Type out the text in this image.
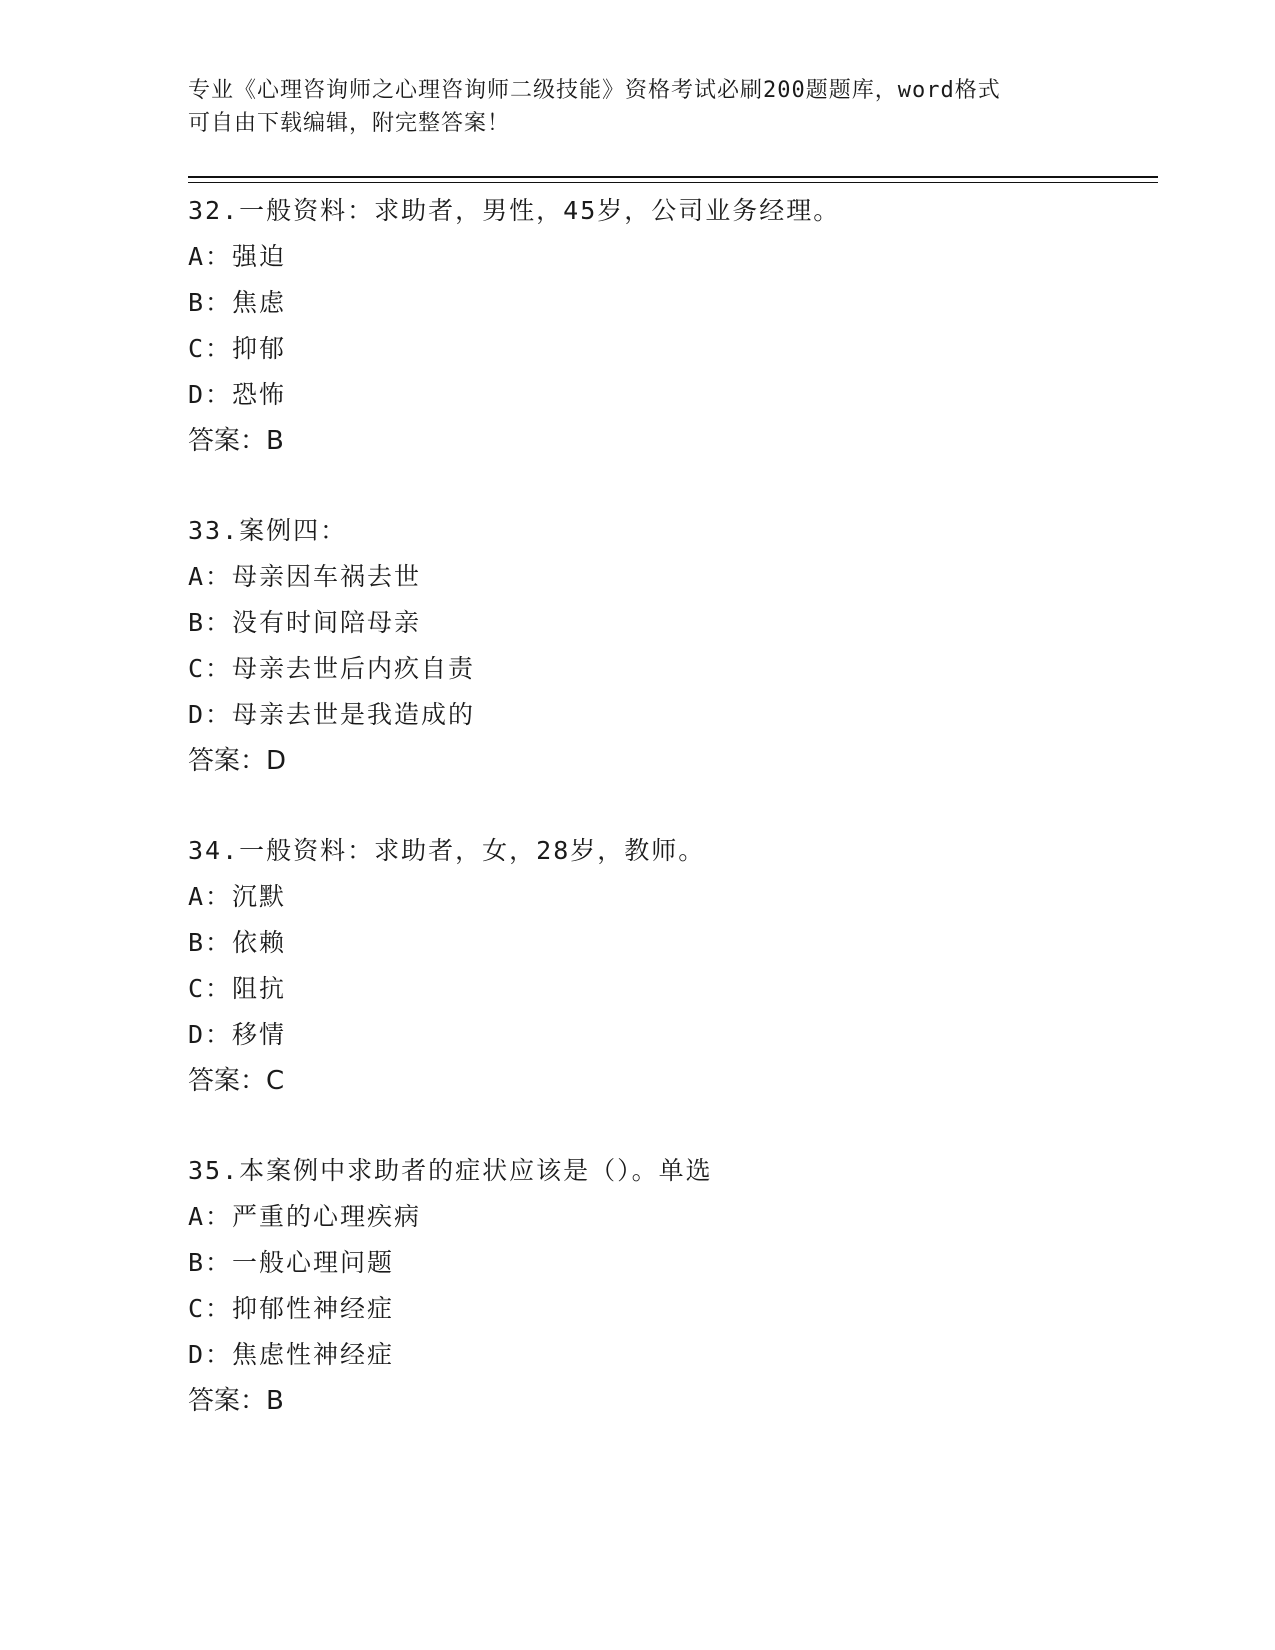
专业《心理咨询师之心理咨询师二级技能》资格考试必刷200题题库，word格式
可自由下载编辑，附完整答案！
32.一般资料：求助者，男性，45岁，公司业务经理。
A：强迫
B：焦虑
C：抑郁
D：恐怖
答案：B
33.案例四：
A：母亲因车祸去世
B：没有时间陪母亲
C：母亲去世后内疚自责
D：母亲去世是我造成的
答案：D
34.一般资料：求助者，女，28岁，教师。
A：沉默
B：依赖
C：阻抗
D：移情
答案：C
35.本案例中求助者的症状应该是（）。单选
A：严重的心理疾病
B：一般心理问题
C：抑郁性神经症
D：焦虑性神经症
答案：B
